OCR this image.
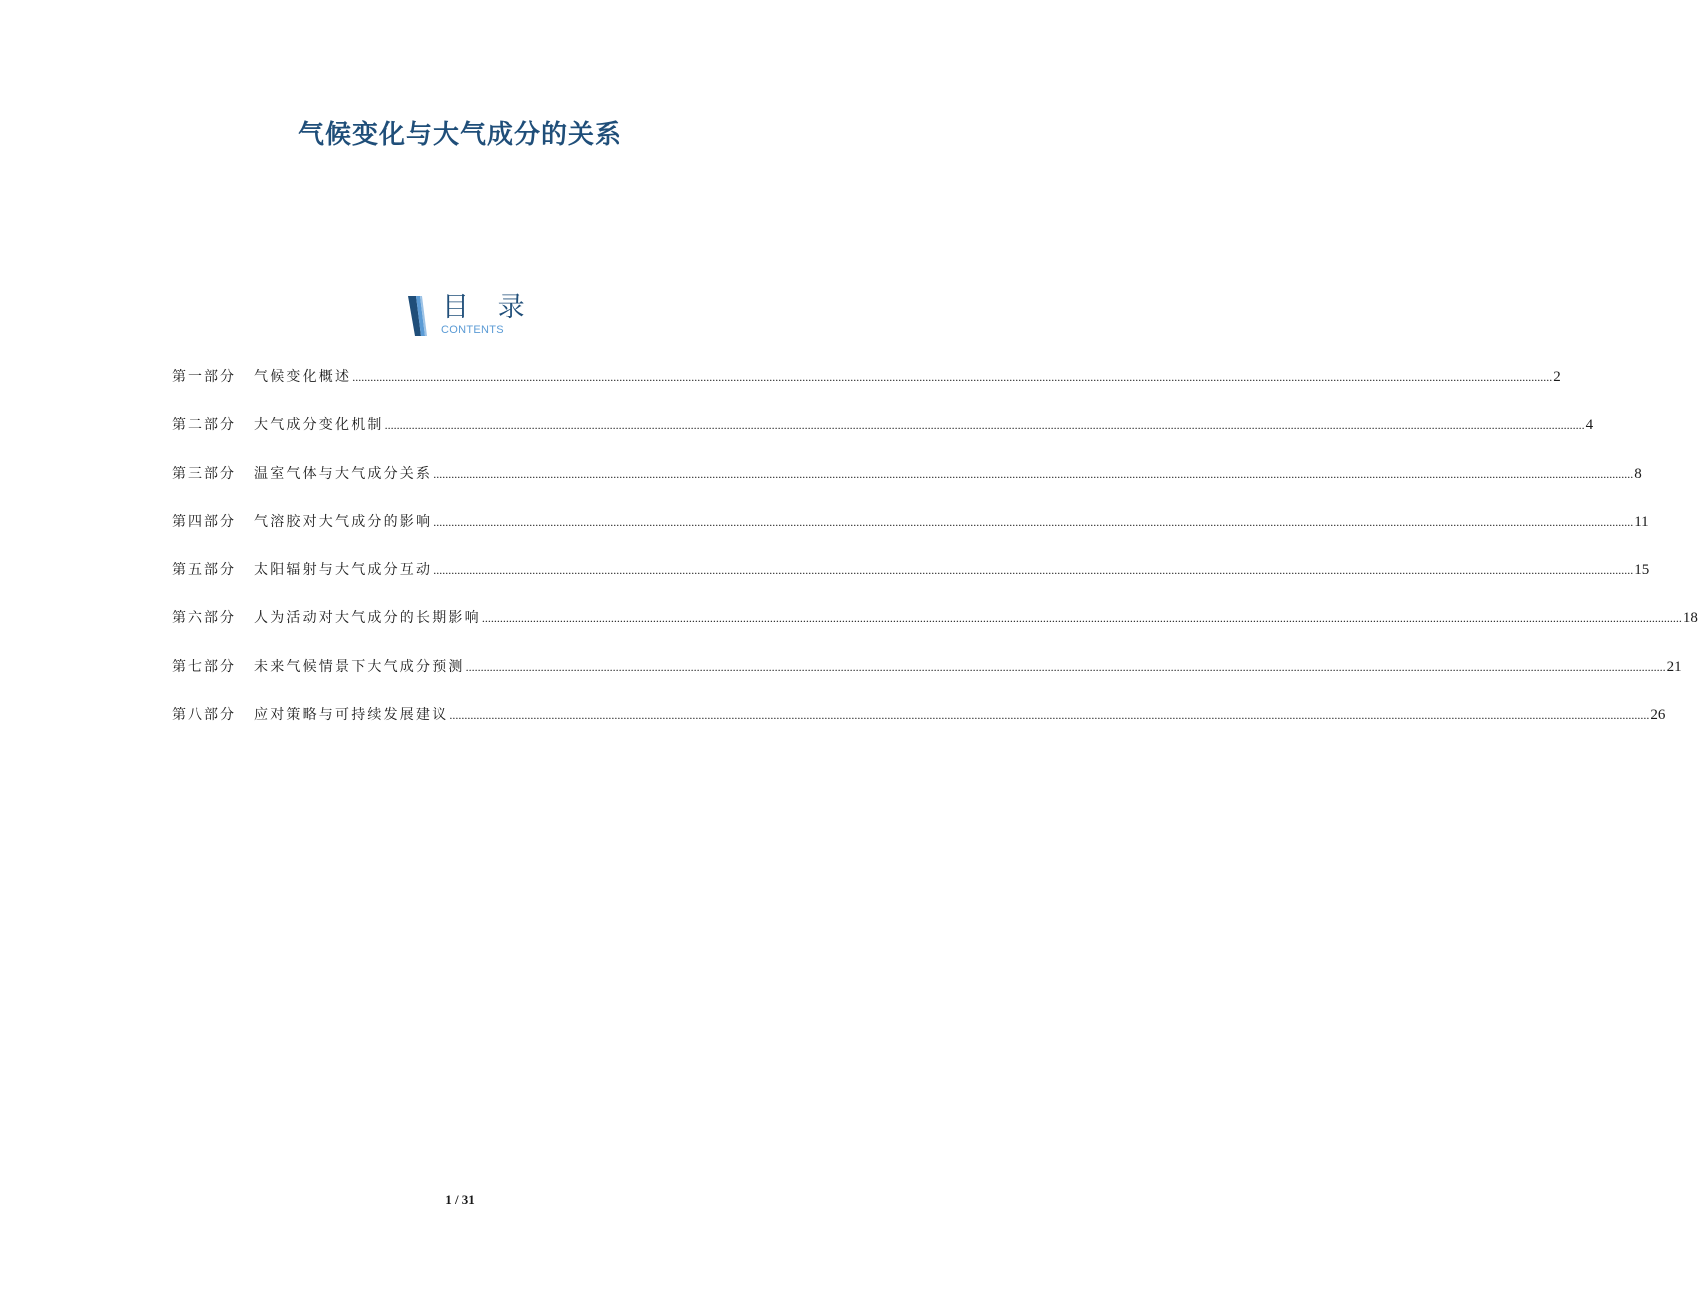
气候变化与大气成分的关系
目 录
CONTENTS
第一部分	气候变化概述 ................................................................................................................................................................................................................................................................................................................................................................................................................ 2
第二部分	大气成分变化机制 ................................................................................................................................................................................................................................................................................................................................................................................................................ 4
第三部分	温室气体与大气成分关系 ................................................................................................................................................................................................................................................................................................................................................................................................................ 8
第四部分	气溶胶对大气成分的影响 ................................................................................................................................................................................................................................................................................................................................................................................................................ 11
第五部分	太阳辐射与大气成分互动 ................................................................................................................................................................................................................................................................................................................................................................................................................ 15
第六部分	人为活动对大气成分的长期影响 ................................................................................................................................................................................................................................................................................................................................................................................................................ 18
第七部分	未来气候情景下大气成分预测 ................................................................................................................................................................................................................................................................................................................................................................................................................ 21
第八部分	应对策略与可持续发展建议 ................................................................................................................................................................................................................................................................................................................................................................................................................ 26
1 / 31
